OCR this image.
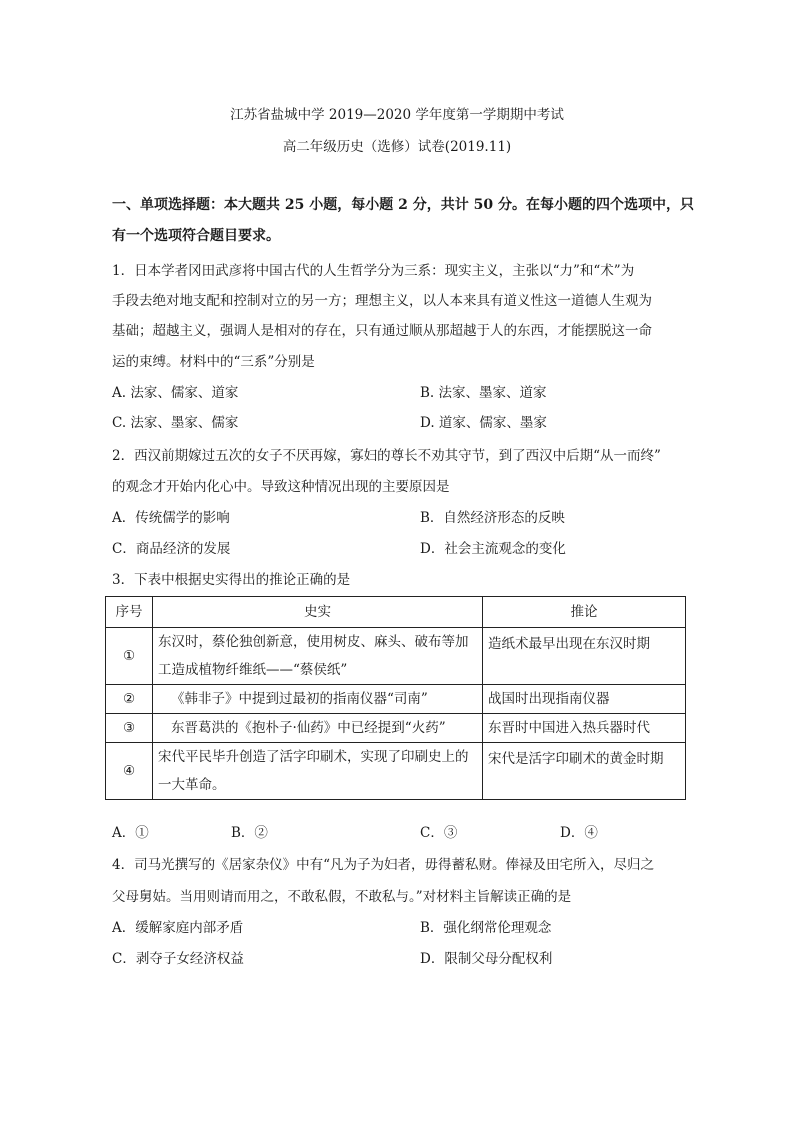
江苏省盐城中学 2019—2020 学年度第一学期期中考试
高二年级历史（选修）试卷(2019.11)
一、单项选择题：本大题共 25 小题，每小题 2 分，共计 50 分。在每小题的四个选项中，只
有一个选项符合题目要求。
1．日本学者冈田武彦将中国古代的人生哲学分为三系：现实主义，主张以“力”和“术”为
手段去绝对地支配和控制对立的另一方；理想主义，以人本来具有道义性这一道德人生观为
基础；超越主义，强调人是相对的存在，只有通过顺从那超越于人的东西，才能摆脱这一命
运的束缚。材料中的“三系”分别是
A. 法家、儒家、道家	B. 法家、墨家、道家
C. 法家、墨家、儒家	D. 道家、儒家、墨家
2．西汉前期嫁过五次的女子不厌再嫁，寡妇的尊长不劝其守节，到了西汉中后期“从一而终”
的观念才开始内化心中。导致这种情况出现的主要原因是
A．传统儒学的影响	B．自然经济形态的反映
C．商品经济的发展	D．社会主流观念的变化
3．下表中根据史实得出的推论正确的是
序号	史实	推论
①	东汉时，蔡伦独创新意，使用树皮、麻头、破布等加
工造成植物纤维纸——“蔡侯纸”	造纸术最早出现在东汉时期
②	《韩非子》中提到过最初的指南仪器“司南”	战国时出现指南仪器
③	东晋葛洪的《抱朴子·仙药》中已经提到“火药”	东晋时中国进入热兵器时代
④	宋代平民毕升创造了活字印刷术，实现了印刷史上的
一大革命。	宋代是活字印刷术的黄金时期
A．①	B．②	C．③	D．④
4．司马光撰写的《居家杂仪》中有“凡为子为妇者，毋得蓄私财。俸禄及田宅所入，尽归之
父母舅姑。当用则请而用之，不敢私假，不敢私与。”对材料主旨解读正确的是
A．缓解家庭内部矛盾	B．强化纲常伦理观念
C．剥夺子女经济权益	D．限制父母分配权利
